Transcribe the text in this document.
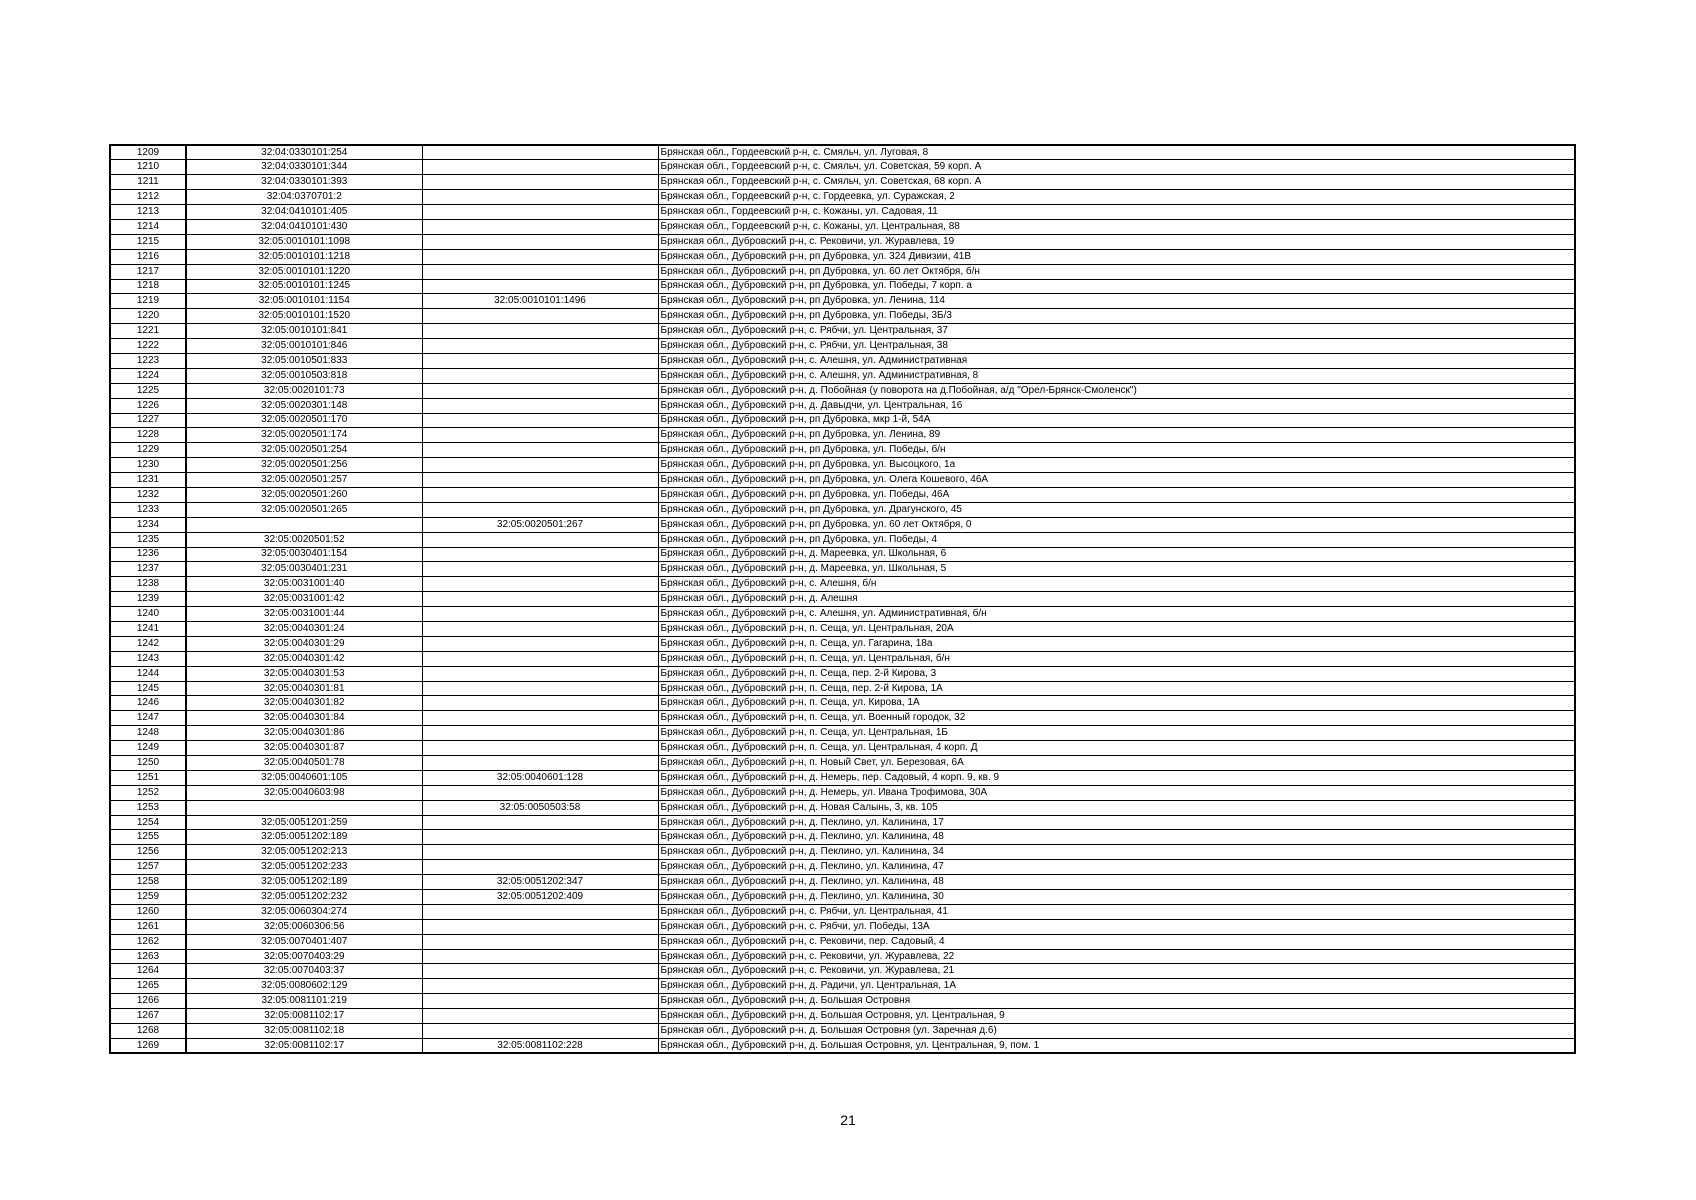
1209	32:04:0330101:254		Брянская обл., Гордеевский р-н, с. Смяльч, ул. Луговая, 8
1210	32:04:0330101:344		Брянская обл., Гордеевский р-н, с. Смяльч, ул. Советская, 59 корп. А
1211	32:04:0330101:393		Брянская обл., Гордеевский р-н, с. Смяльч, ул. Советская, 68 корп. А
1212	32:04:0370701:2		Брянская обл., Гордеевский р-н, с. Гордеевка, ул. Суражская, 2
1213	32:04:0410101:405		Брянская обл., Гордеевский р-н, с. Кожаны, ул. Садовая, 11
1214	32:04:0410101:430		Брянская обл., Гордеевский р-н, с. Кожаны, ул. Центральная, 88
1215	32:05:0010101:1098		Брянская обл., Дубровский р-н, с. Рековичи, ул. Журавлева, 19
1216	32:05:0010101:1218		Брянская обл., Дубровский р-н, рп Дубровка, ул. 324 Дивизии, 41В
1217	32:05:0010101:1220		Брянская обл., Дубровский р-н, рп Дубровка, ул. 60 лет Октября, б/н
1218	32:05:0010101:1245		Брянская обл., Дубровский р-н, рп Дубровка, ул. Победы, 7 корп. а
1219	32:05:0010101:1154	32:05:0010101:1496	Брянская обл., Дубровский р-н, рп Дубровка, ул. Ленина, 114
1220	32:05:0010101:1520		Брянская обл., Дубровский р-н, рп Дубровка, ул. Победы, 3Б/3
1221	32:05:0010101:841		Брянская обл., Дубровский р-н, с. Рябчи, ул. Центральная, 37
1222	32:05:0010101:846		Брянская обл., Дубровский р-н, с. Рябчи, ул. Центральная, 38
1223	32:05:0010501:833		Брянская обл., Дубровский р-н, с. Алешня, ул. Административная
1224	32:05:0010503:818		Брянская обл., Дубровский р-н, с. Алешня, ул. Административная, 8
1225	32:05:0020101:73		Брянская обл., Дубровский р-н, д. Побойная (у поворота на д.Побойная, а/д "Орел-Брянск-Смоленск")
1226	32:05:0020301:148		Брянская обл., Дубровский р-н, д. Давыдчи, ул. Центральная, 16
1227	32:05:0020501:170		Брянская обл., Дубровский р-н, рп Дубровка, мкр 1-й, 54А
1228	32:05:0020501:174		Брянская обл., Дубровский р-н, рп Дубровка, ул. Ленина, 89
1229	32:05:0020501:254		Брянская обл., Дубровский р-н, рп Дубровка, ул. Победы, б/н
1230	32:05:0020501:256		Брянская обл., Дубровский р-н, рп Дубровка, ул. Высоцкого, 1а
1231	32:05:0020501:257		Брянская обл., Дубровский р-н, рп Дубровка, ул. Олега Кошевого, 46А
1232	32:05:0020501:260		Брянская обл., Дубровский р-н, рп Дубровка, ул. Победы, 46А
1233	32:05:0020501:265		Брянская обл., Дубровский р-н, рп Дубровка, ул. Драгунского, 45
1234		32:05:0020501:267	Брянская обл., Дубровский р-н, рп Дубровка, ул. 60 лет Октября, 0
1235	32:05:0020501:52		Брянская обл., Дубровский р-н, рп Дубровка, ул. Победы, 4
1236	32:05:0030401:154		Брянская обл., Дубровский р-н, д. Мареевка, ул. Школьная, 6
1237	32:05:0030401:231		Брянская обл., Дубровский р-н, д. Мареевка, ул. Школьная, 5
1238	32:05:0031001:40		Брянская обл., Дубровский р-н, с. Алешня, б/н
1239	32:05:0031001:42		Брянская обл., Дубровский р-н, д. Алешня
1240	32:05:0031001:44		Брянская обл., Дубровский р-н, с. Алешня, ул. Административная, б/н
1241	32:05:0040301:24		Брянская обл., Дубровский р-н, п. Сеща, ул. Центральная, 20А
1242	32:05:0040301:29		Брянская обл., Дубровский р-н, п. Сеща, ул. Гагарина, 18а
1243	32:05:0040301:42		Брянская обл., Дубровский р-н, п. Сеща, ул. Центральная, б/н
1244	32:05:0040301:53		Брянская обл., Дубровский р-н, п. Сеща, пер. 2-й Кирова, 3
1245	32:05:0040301:81		Брянская обл., Дубровский р-н, п. Сеща, пер. 2-й Кирова, 1А
1246	32:05:0040301:82		Брянская обл., Дубровский р-н, п. Сеща, ул. Кирова, 1А
1247	32:05:0040301:84		Брянская обл., Дубровский р-н, п. Сеща, ул. Военный городок, 32
1248	32:05:0040301:86		Брянская обл., Дубровский р-н, п. Сеща, ул. Центральная, 1Б
1249	32:05:0040301:87		Брянская обл., Дубровский р-н, п. Сеща, ул. Центральная, 4 корп. Д
1250	32:05:0040501:78		Брянская обл., Дубровский р-н, п. Новый Свет, ул. Березовая, 6А
1251	32:05:0040601:105	32:05:0040601:128	Брянская обл., Дубровский р-н, д. Немерь, пер. Садовый, 4 корп. 9, кв. 9
1252	32:05:0040603:98		Брянская обл., Дубровский р-н, д. Немерь, ул. Ивана Трофимова, 30А
1253		32:05:0050503:58	Брянская обл., Дубровский р-н, д. Новая Салынь, 3, кв. 105
1254	32:05:0051201:259		Брянская обл., Дубровский р-н, д. Пеклино, ул. Калинина, 17
1255	32:05:0051202:189		Брянская обл., Дубровский р-н, д. Пеклино, ул. Калинина, 48
1256	32:05:0051202:213		Брянская обл., Дубровский р-н, д. Пеклино, ул. Калинина, 34
1257	32:05:0051202:233		Брянская обл., Дубровский р-н, д. Пеклино, ул. Калинина, 47
1258	32:05:0051202:189	32:05:0051202:347	Брянская обл., Дубровский р-н, д. Пеклино, ул. Калинина, 48
1259	32:05:0051202:232	32:05:0051202:409	Брянская обл., Дубровский р-н, д. Пеклино, ул. Калинина, 30
1260	32:05:0060304:274		Брянская обл., Дубровский р-н, с. Рябчи, ул. Центральная, 41
1261	32:05:0060306:56		Брянская обл., Дубровский р-н, с. Рябчи, ул. Победы, 13А
1262	32:05:0070401:407		Брянская обл., Дубровский р-н, с. Рековичи, пер. Садовый, 4
1263	32:05:0070403:29		Брянская обл., Дубровский р-н, с. Рековичи, ул. Журавлева, 22
1264	32:05:0070403:37		Брянская обл., Дубровский р-н, с. Рековичи, ул. Журавлева, 21
1265	32:05:0080602:129		Брянская обл., Дубровский р-н, д. Радичи, ул. Центральная, 1А
1266	32:05:0081101:219		Брянская обл., Дубровский р-н, д. Большая Островня
1267	32:05:0081102:17		Брянская обл., Дубровский р-н, д. Большая Островня, ул. Центральная, 9
1268	32:05:0081102:18		Брянская обл., Дубровский р-н, д. Большая Островня (ул. Заречная д.6)
1269	32:05:0081102:17	32:05:0081102:228	Брянская обл., Дубровский р-н, д. Большая Островня, ул. Центральная, 9, пом. 1
21
